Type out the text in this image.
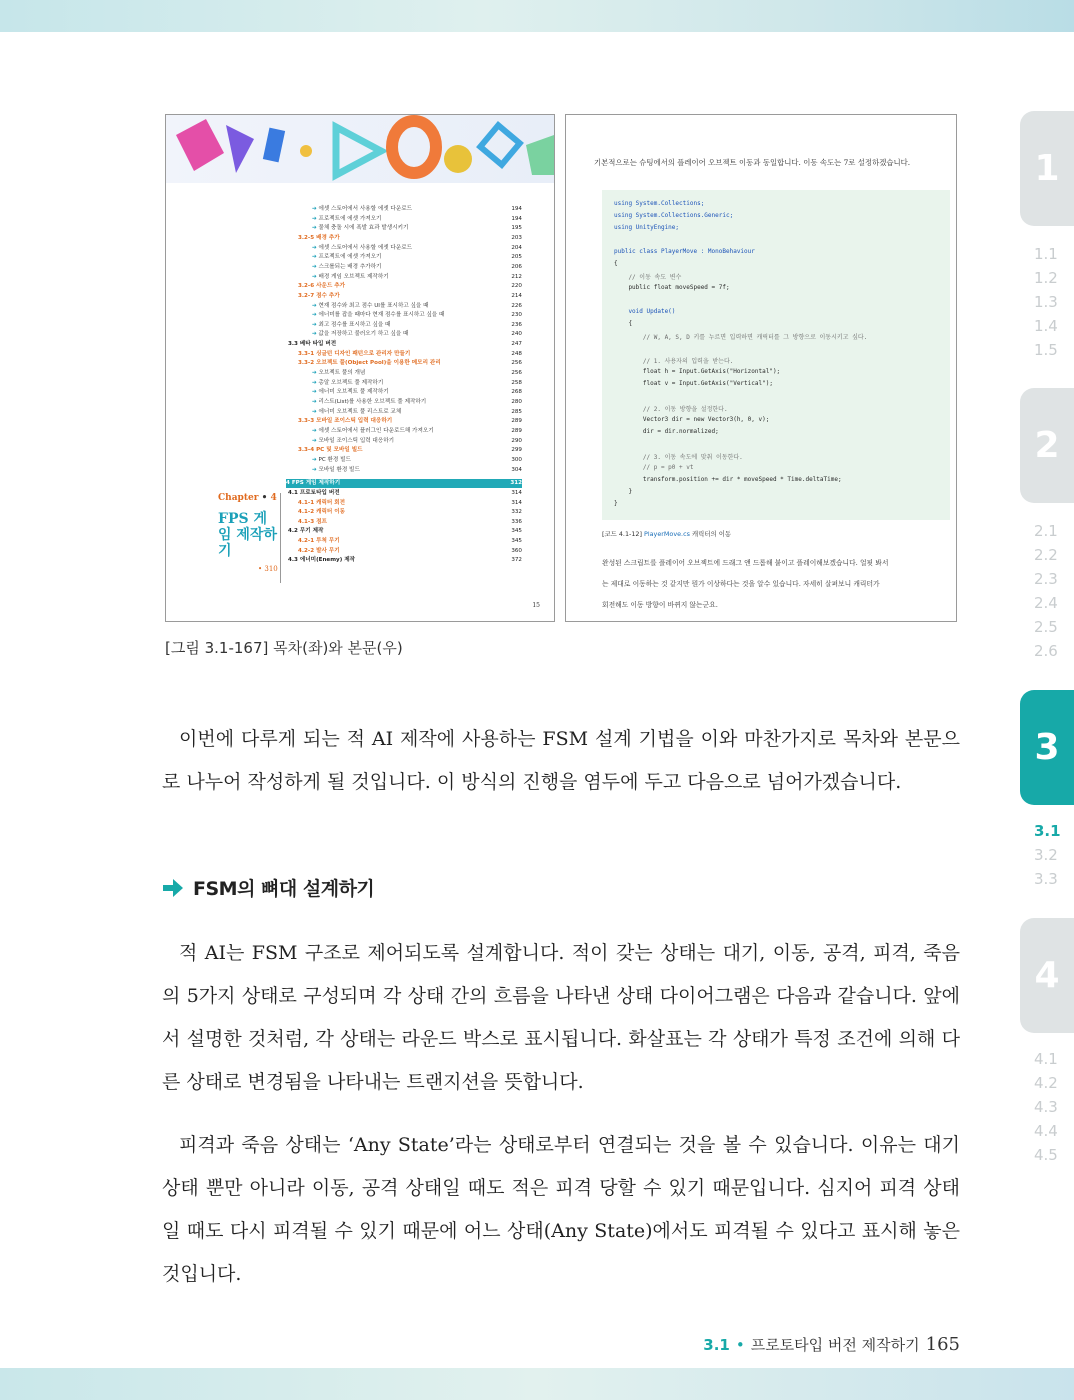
1
1.1
1.2
1.3
1.4
1.5
2
2.1
2.2
2.3
2.4
2.5
2.6
3
3.1
3.2
3.3
4
4.1
4.2
4.3
4.4
4.5
➔ 에셋 스토어에서 사용할 에셋 다운로드	194
➔ 프로젝트에 에셋 가져오기	194
➔ 물체 충돌 시에 폭발 효과 발생시키기	195
3.2-5 배경 추가	203
➔ 에셋 스토어에서 사용할 에셋 다운로드	204
➔ 프로젝트에 에셋 가져오기	205
➔ 스크롤되는 배경 추가하기	206
➔ 배경 게임 오브젝트 제작하기	212
3.2-6 사운드 추가	220
3.2-7 점수 추가	214
➔ 현재 점수와 최고 점수 UI를 표시하고 싶을 때	226
➔ 에너미를 잡을 때마다 현재 점수를 표시하고 싶을 때	230
➔ 최고 점수를 표시하고 싶을 때	236
➔ 값을 저장하고 불러오기 하고 싶을 때	240
3.3 베타 타입 버전	247
3.3-1 싱글턴 디자인 패턴으로 관리자 만들기	248
3.3-2 오브젝트 풀(Object Pool)을 이용한 메모리 관리	256
➔ 오브젝트 풀의 개념	256
➔ 총알 오브젝트 풀 제작하기	258
➔ 에너미 오브젝트 풀 제작하기	268
➔ 리스트(List)를 사용한 오브젝트 풀 제작하기	280
➔ 에너미 오브젝트 풀 리스트로 교체	285
3.3-3 모바일 조이스틱 입력 대응하기	289
➔ 에셋 스토어에서 플러그인 다운로드해 가져오기	289
➔ 모바일 조이스틱 입력 대응하기	290
3.3-4 PC 및 모바일 빌드	299
➔ PC 환경 빌드	300
➔ 모바일 환경 빌드	304
4 FPS 게임 제작하기	312
4.1 프로토타입 버전	314
4.1-1 캐릭터 회전	314
4.1-2 캐릭터 이동	332
4.1-3 점프	336
4.2 무기 제작	345
4.2-1 투척 무기	345
4.2-2 발사 무기	360
4.3 에너미(Enemy) 제작	372
Chapter • 4
FPS 게임 제작하기
• 310
15
기본적으로는 슈팅에서의 플레이어 오브젝트 이동과 동일합니다. 이동 속도는 7로 설정하겠습니다.
using System.Collections;
using System.Collections.Generic;
using UnityEngine;
public class PlayerMove : MonoBehaviour
{
// 이동 속도 변수
public float moveSpeed = 7f;
void Update()
{
// W, A, S, D 키를 누르면 입력하면 캐릭터를 그 방향으로 이동시키고 싶다.
// 1. 사용자의 입력을 받는다.
float h = Input.GetAxis("Horizontal");
float v = Input.GetAxis("Vertical");
// 2. 이동 방향을 설정한다.
Vector3 dir = new Vector3(h, 0, v);
dir = dir.normalized;
// 3. 이동 속도에 맞춰 이동한다.
// p = p0 + vt
transform.position += dir * moveSpeed * Time.deltaTime;
}
}
[코드 4.1-12] PlayerMove.cs 캐릭터의 이동
완성된 스크립트를 플레이어 오브젝트에 드래그 앤 드롭해 붙이고 플레이해보겠습니다. 얼핏 봐서
는 제대로 이동하는 것 같지만 뭔가 이상하다는 것을 알수 있습니다. 자세히 살펴보니 캐릭터가
회전해도 이동 방향이 바뀌지 않는군요.
[그림 3.1-167] 목차(좌)와 본문(우)

이번에 다루게 되는 적 AI 제작에 사용하는 FSM 설계 기법을 이와 마찬가지로 목차와 본문으로 나누어 작성하게 될 것입니다. 이 방식의 진행을 염두에 두고 다음으로 넘어가겠습니다.

FSM의 뼈대 설계하기

적 AI는 FSM 구조로 제어되도록 설계합니다. 적이 갖는 상태는 대기, 이동, 공격, 피격, 죽음의 5가지 상태로 구성되며 각 상태 간의 흐름을 나타낸 상태 다이어그램은 다음과 같습니다. 앞에서 설명한 것처럼, 각 상태는 라운드 박스로 표시됩니다. 화살표는 각 상태가 특정 조건에 의해 다른 상태로 변경됨을 나타내는 트랜지션을 뜻합니다.

피격과 죽음 상태는 ‘Any State’라는 상태로부터 연결되는 것을 볼 수 있습니다. 이유는 대기 상태 뿐만 아니라 이동, 공격 상태일 때도 적은 피격 당할 수 있기 때문입니다. 심지어 피격 상태일 때도 다시 피격될 수 있기 때문에 어느 상태(Any State)에서도 피격될 수 있다고 표시해 놓은 것입니다.

3.1 • 프로토타입 버전 제작하기 165
